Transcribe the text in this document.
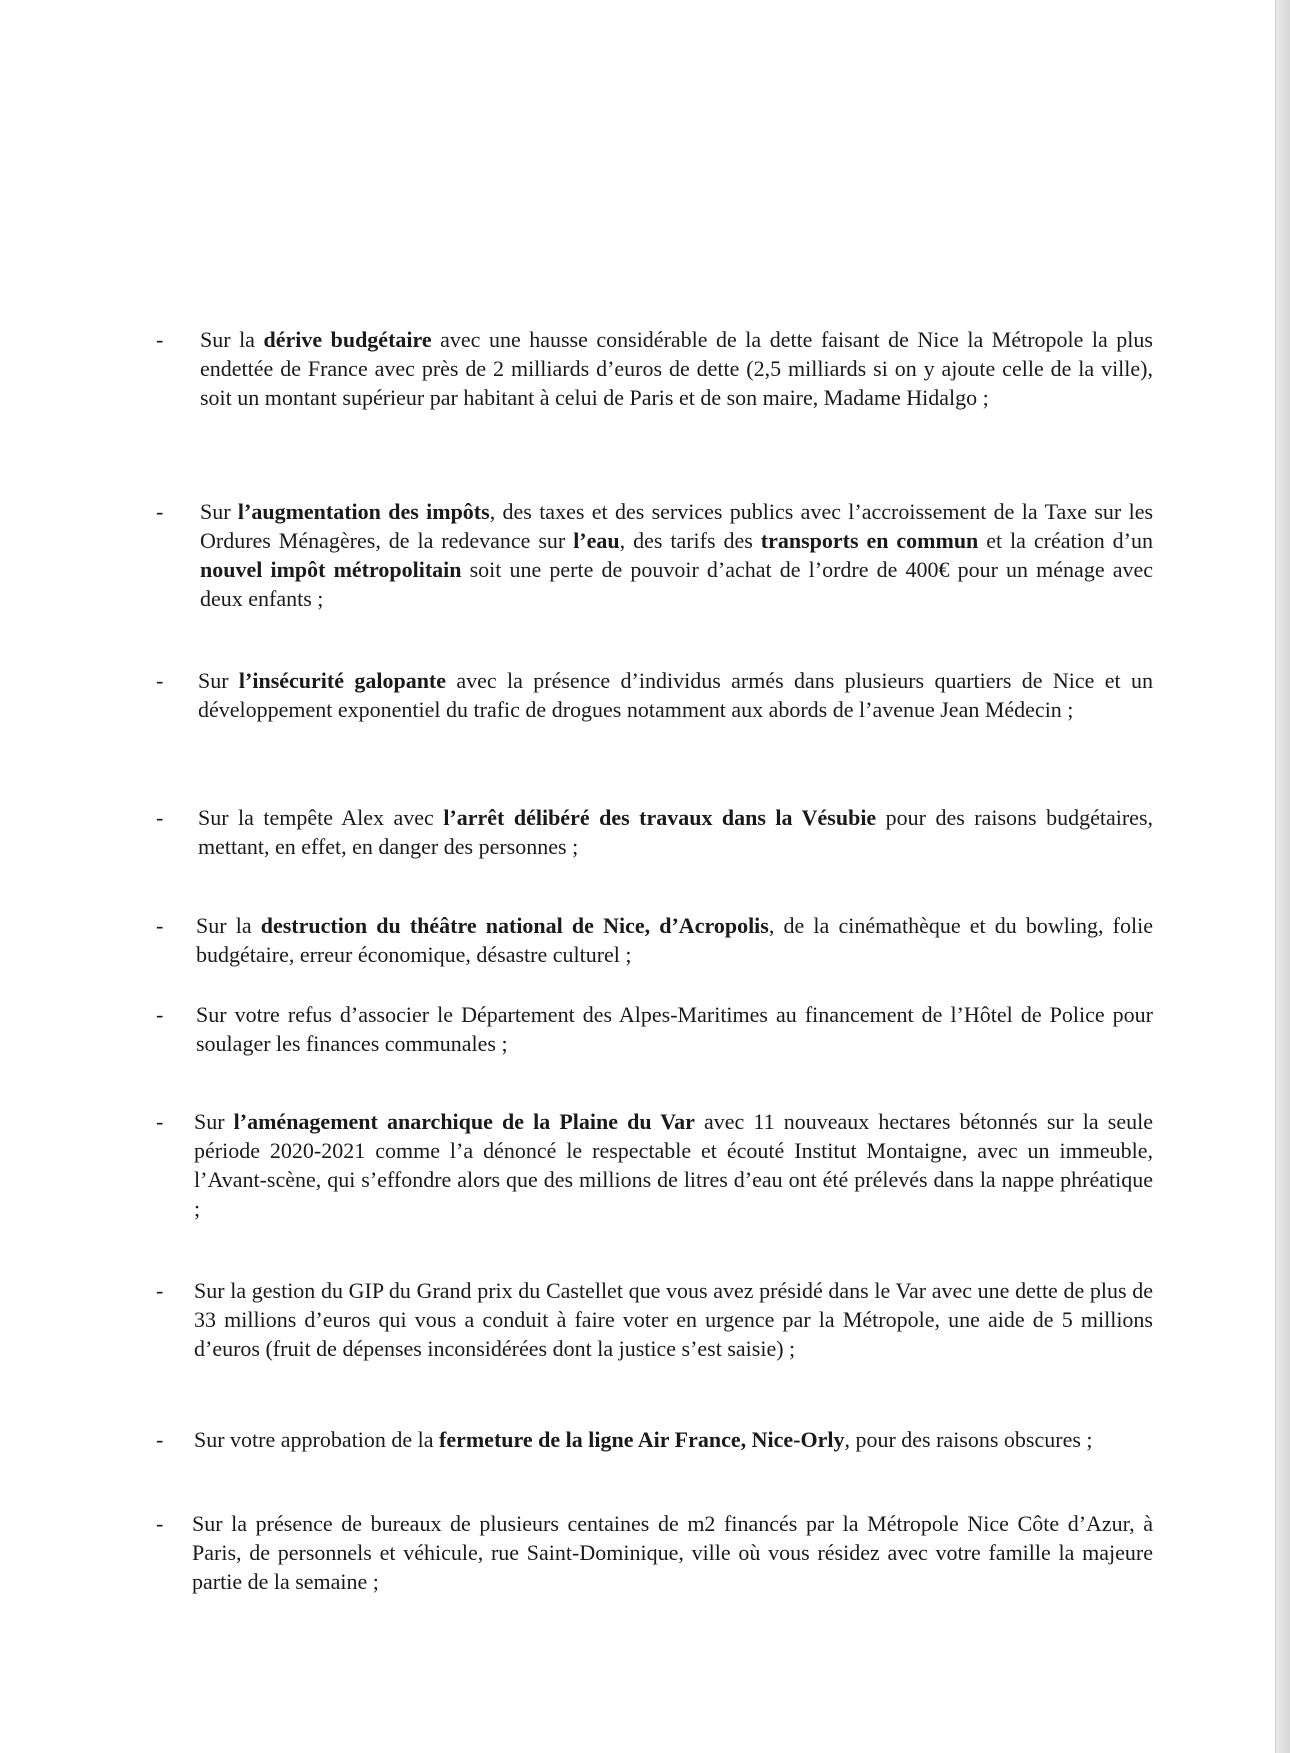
- Sur la dérive budgétaire avec une hausse considérable de la dette faisant de Nice la Métropole la plus endettée de France avec près de 2 milliards d’euros de dette (2,5 milliards si on y ajoute celle de la ville), soit un montant supérieur par habitant à celui de Paris et de son maire, Madame Hidalgo ;

- Sur l’augmentation des impôts, des taxes et des services publics avec l’accroissement de la Taxe sur les Ordures Ménagères, de la redevance sur l’eau, des tarifs des transports en commun et la création d’un nouvel impôt métropolitain soit une perte de pouvoir d’achat de l’ordre de 400€ pour un ménage avec deux enfants ;

- Sur l’insécurité galopante avec la présence d’individus armés dans plusieurs quartiers de Nice et un développement exponentiel du trafic de drogues notamment aux abords de l’avenue Jean Médecin ;

- Sur la tempête Alex avec l’arrêt délibéré des travaux dans la Vésubie pour des raisons budgétaires, mettant, en effet, en danger des personnes ;

- Sur la destruction du théâtre national de Nice, d’Acropolis, de la cinémathèque et du bowling, folie budgétaire, erreur économique, désastre culturel ;

- Sur votre refus d’associer le Département des Alpes-Maritimes au financement de l’Hôtel de Police pour soulager les finances communales ;

- Sur l’aménagement anarchique de la Plaine du Var avec 11 nouveaux hectares bétonnés sur la seule période 2020-2021 comme l’a dénoncé le respectable et écouté Institut Montaigne, avec un immeuble, l’Avant-scène, qui s’effondre alors que des millions de litres d’eau ont été prélevés dans la nappe phréatique ;

- Sur la gestion du GIP du Grand prix du Castellet que vous avez présidé dans le Var avec une dette de plus de 33 millions d’euros qui vous a conduit à faire voter en urgence par la Métropole, une aide de 5 millions d’euros (fruit de dépenses inconsidérées dont la justice s’est saisie) ;

- Sur votre approbation de la fermeture de la ligne Air France, Nice-Orly, pour des raisons obscures ;

- Sur la présence de bureaux de plusieurs centaines de m2 financés par la Métropole Nice Côte d’Azur, à Paris, de personnels et véhicule, rue Saint-Dominique, ville où vous résidez avec votre famille la majeure partie de la semaine ;
